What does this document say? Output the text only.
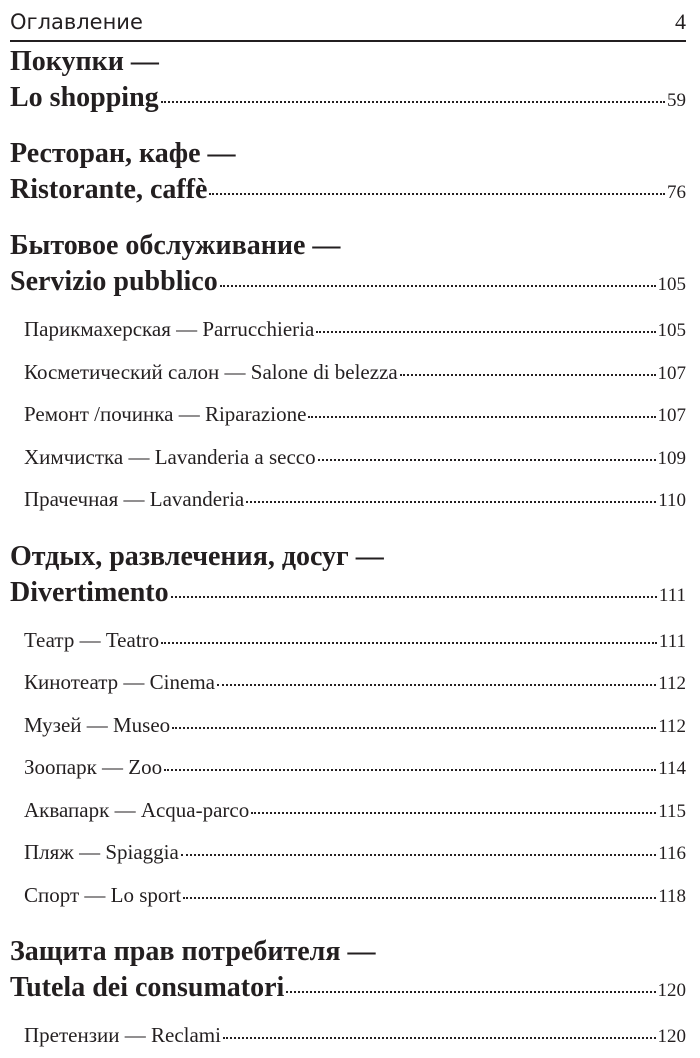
Оглавление	4
Покупки —
Lo shopping	59
Ресторан, кафе —
Ristorante, caffè	76
Бытовое обслуживание —
Servizio pubblico	105
Парикмахерская — Parrucchieria	105
Косметический салон — Salone di belezza	107
Ремонт /починка — Riparazione	107
Химчистка — Lavanderia a secco	109
Прачечная — Lavanderia	110
Отдых, развлечения, досуг —
Divertimento	111
Театр — Teatro	111
Кинотеатр — Cinema	112
Музей — Museo	112
Зоопарк — Zoo	114
Аквапарк — Acqua-parco	115
Пляж — Spiaggia	116
Спорт — Lo sport	118
Защита прав потребителя —
Tutela dei consumatori	120
Претензии — Reclami	120
